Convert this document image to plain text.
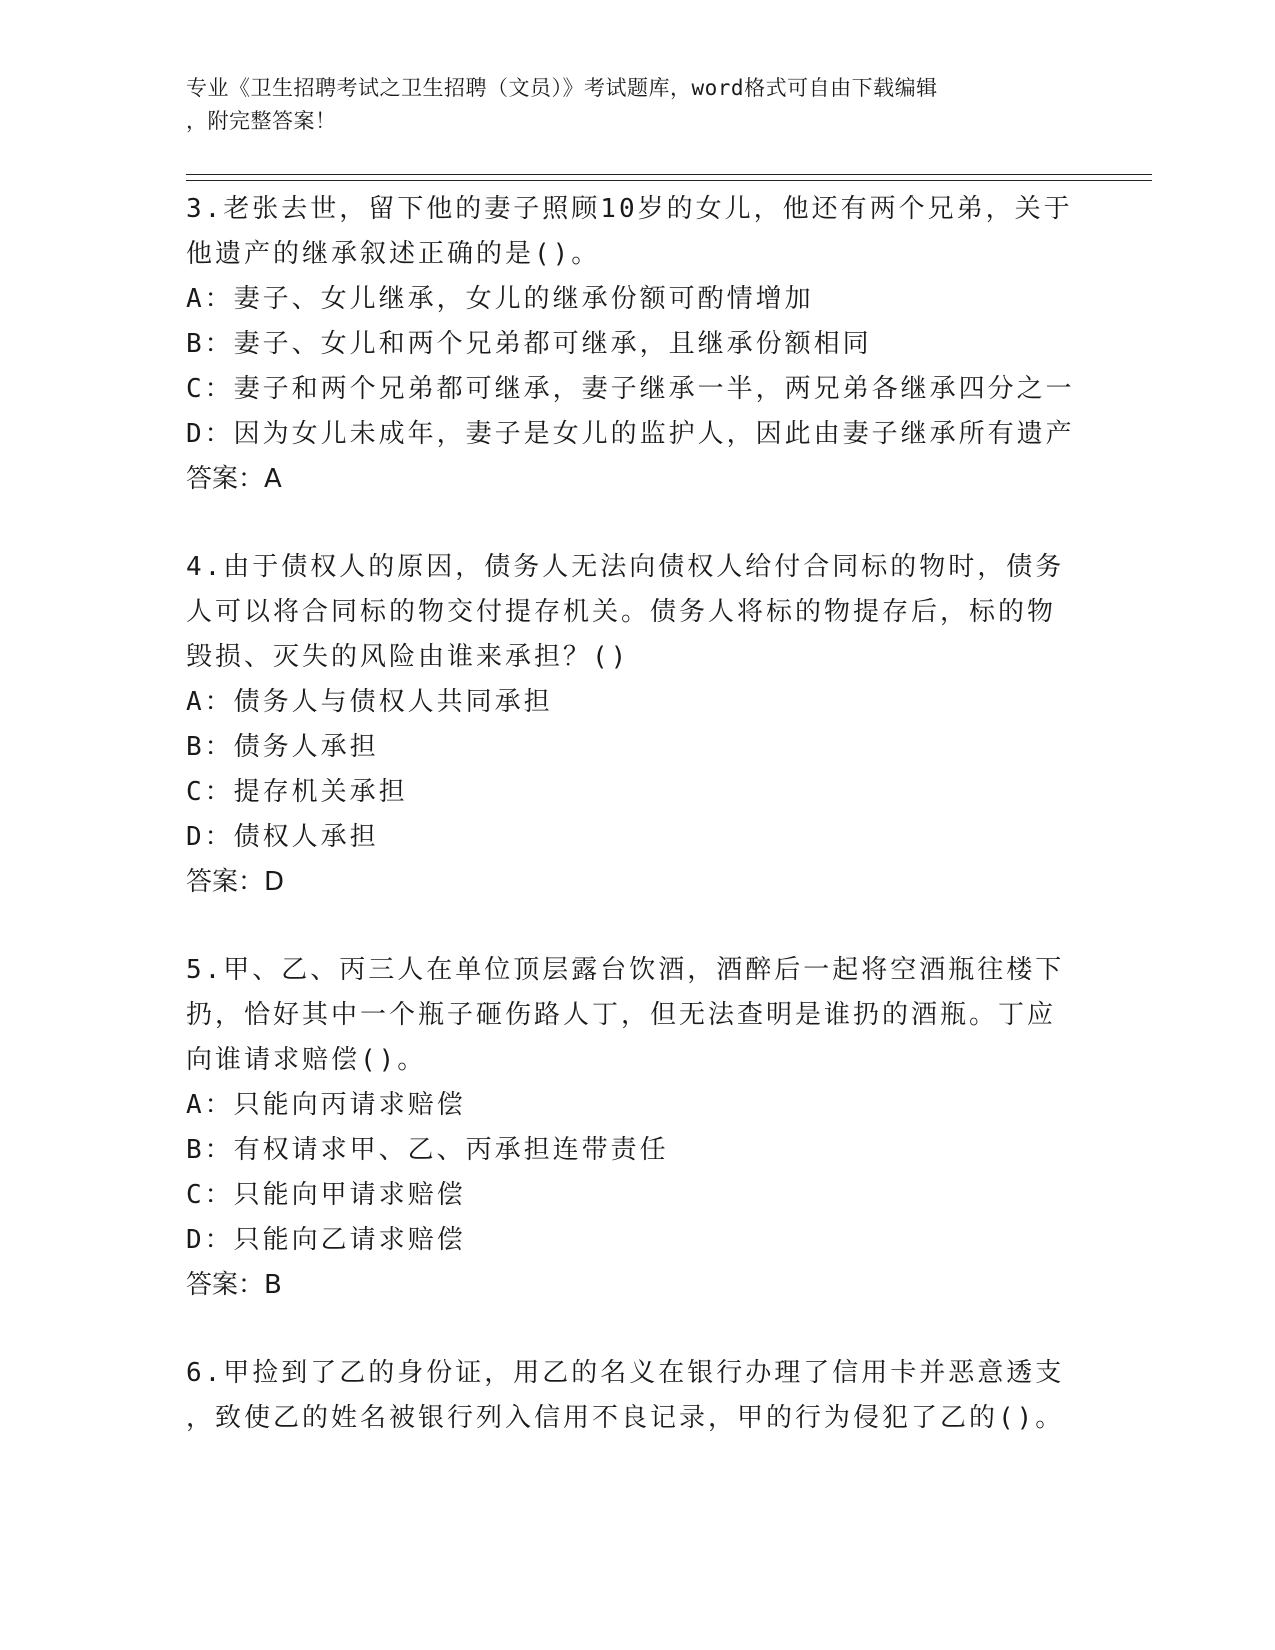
专业《卫生招聘考试之卫生招聘（文员）》考试题库，word格式可自由下载编辑
，附完整答案！
3.老张去世，留下他的妻子照顾10岁的女儿，他还有两个兄弟，关于
他遗产的继承叙述正确的是()。
A：妻子、女儿继承，女儿的继承份额可酌情增加
B：妻子、女儿和两个兄弟都可继承，且继承份额相同
C：妻子和两个兄弟都可继承，妻子继承一半，两兄弟各继承四分之一
D：因为女儿未成年，妻子是女儿的监护人，因此由妻子继承所有遗产
答案：A
4.由于债权人的原因，债务人无法向债权人给付合同标的物时，债务
人可以将合同标的物交付提存机关。债务人将标的物提存后，标的物
毁损、灭失的风险由谁来承担？()
A：债务人与债权人共同承担
B：债务人承担
C：提存机关承担
D：债权人承担
答案：D
5.甲、乙、丙三人在单位顶层露台饮酒，酒醉后一起将空酒瓶往楼下
扔，恰好其中一个瓶子砸伤路人丁，但无法查明是谁扔的酒瓶。丁应
向谁请求赔偿()。
A：只能向丙请求赔偿
B：有权请求甲、乙、丙承担连带责任
C：只能向甲请求赔偿
D：只能向乙请求赔偿
答案：B
6.甲捡到了乙的身份证，用乙的名义在银行办理了信用卡并恶意透支
，致使乙的姓名被银行列入信用不良记录，甲的行为侵犯了乙的()。
